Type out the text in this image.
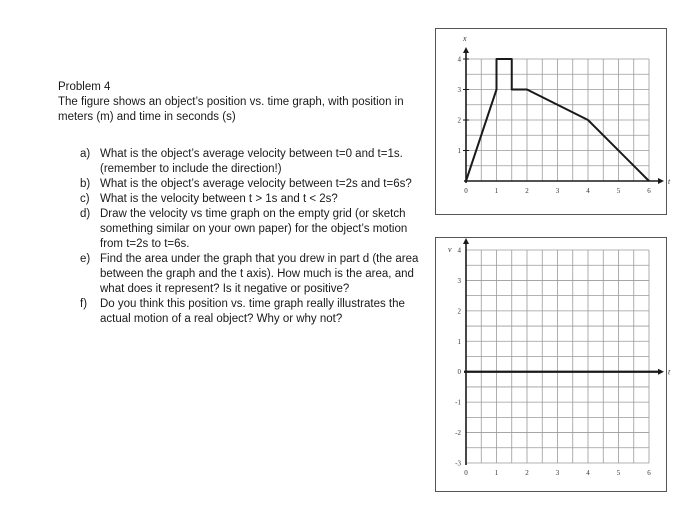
Problem 4

The figure shows an object’s position vs. time graph, with position in meters (m) and time in seconds (s)

a) What is the object’s average velocity between t=0 and t=1s. (remember to include the direction!)
b) What is the object’s average velocity between t=2s and t=6s?
c) What is the velocity between t > 1s and t < 2s?
d) Draw the velocity vs time graph on the empty grid (or sketch something similar on your own paper) for the object’s motion from t=2s to t=6s.
e) Find the area under the graph that you drew in part d (the area between the graph and the t axis). How much is the area, and what does it represent? Is it negative or positive?
f) Do you think this position vs. time graph really illustrates the actual motion of a real object? Why or why not?
x
t
0	1	2	3	4	5	6
1
2
3
4
v
t
0	1	2	3	4	5	6
-3
-2
-1
0
1
2
3
4
